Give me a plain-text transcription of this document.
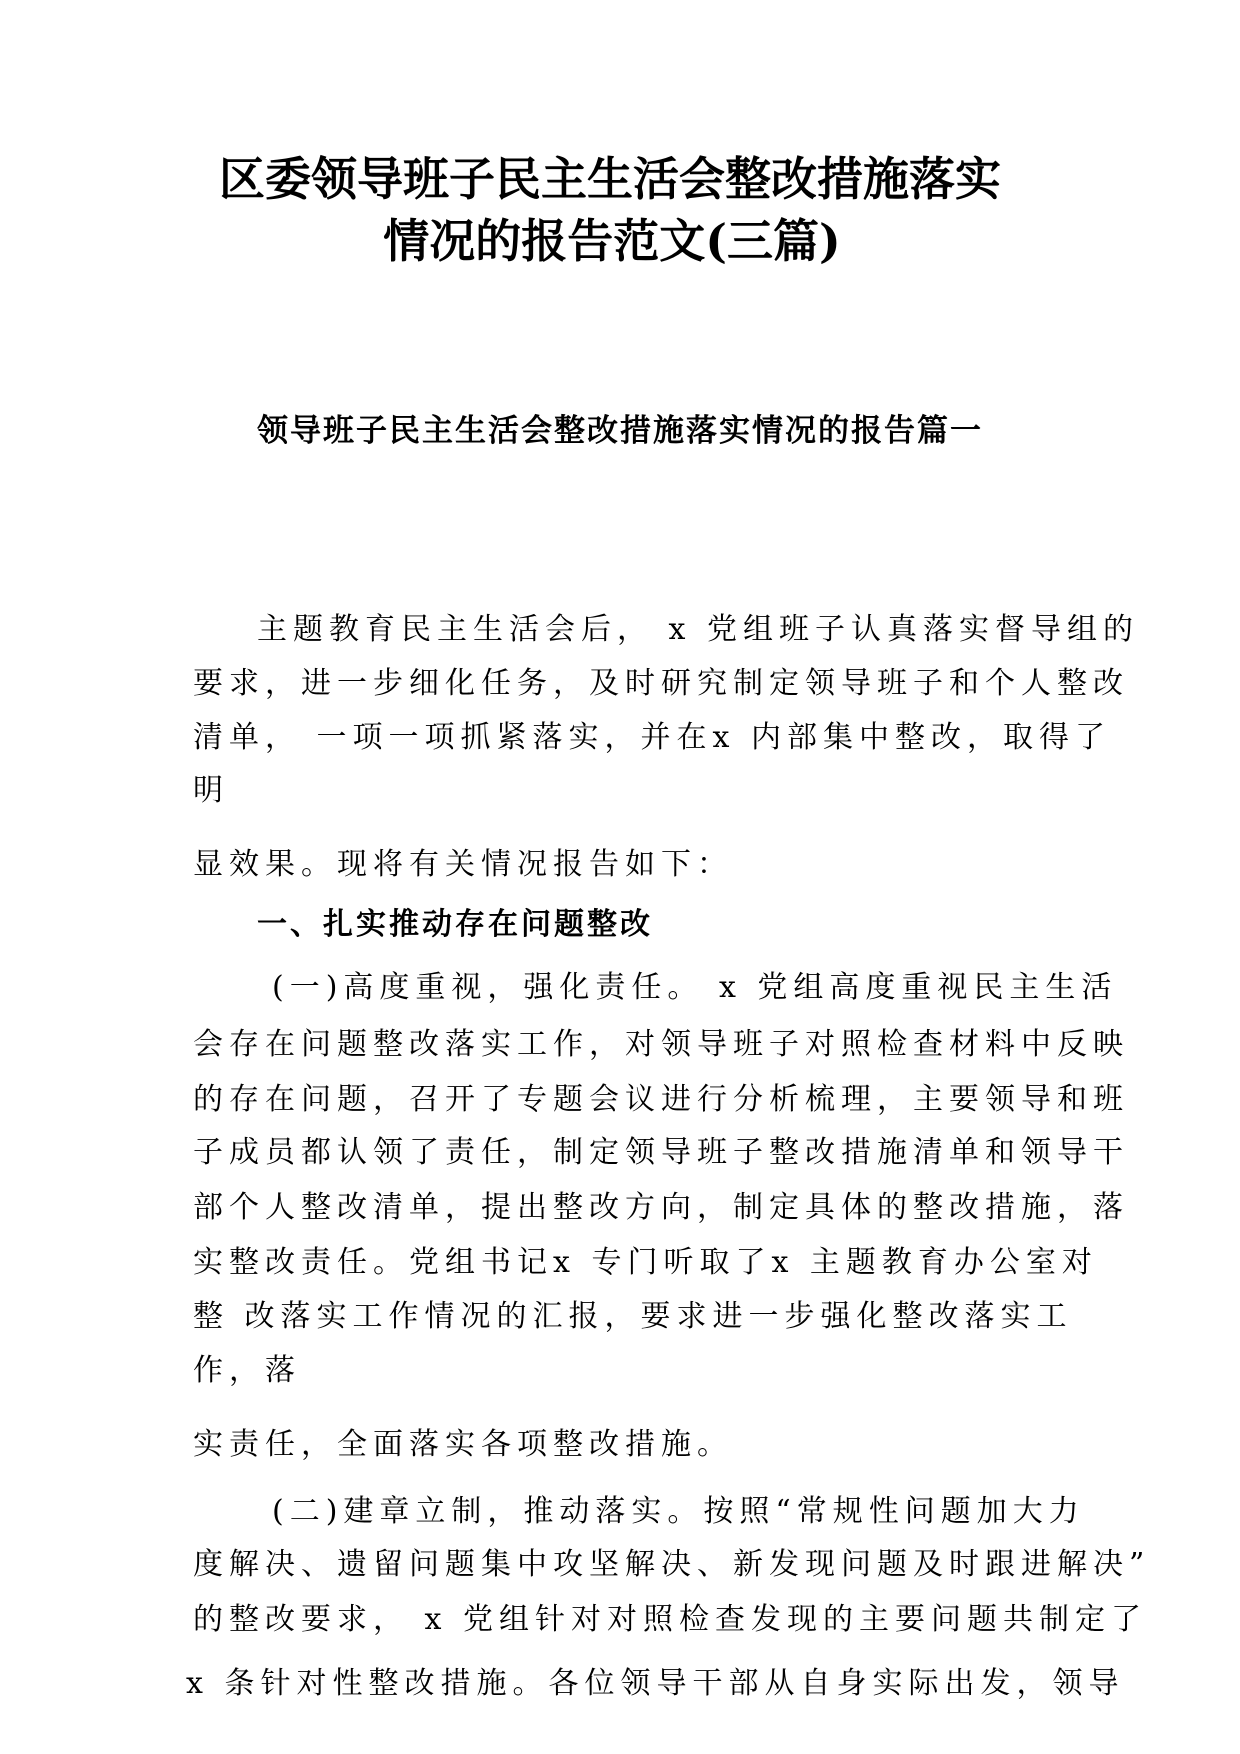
区委领导班子民主生活会整改措施落实
情况的报告范文(三篇)
领导班子民主生活会整改措施落实情况的报告篇一

主题教育民主生活会后， x 党组班子认真落实督导组的

要求，进一步细化任务，及时研究制定领导班子和个人整改

清单， 一项一项抓紧落实，并在x 内部集中整改，取得了

明

显效果。现将有关情况报告如下：

一、扎实推动存在问题整改

(一)高度重视，强化责任。 x 党组高度重视民主生活

会存在问题整改落实工作，对领导班子对照检查材料中反映

的存在问题，召开了专题会议进行分析梳理，主要领导和班

子成员都认领了责任，制定领导班子整改措施清单和领导干

部个人整改清单，提出整改方向，制定具体的整改措施，落

实整改责任。党组书记x 专门听取了x 主题教育办公室对

整 改落实工作情况的汇报，要求进一步强化整改落实工

作，落

实责任，全面落实各项整改措施。

(二)建章立制，推动落实。按照“常规性问题加大力

度解决、遗留问题集中攻坚解决、新发现问题及时跟进解决”

的整改要求， x 党组针对对照检查发现的主要问题共制定了

x 条针对性整改措施。各位领导干部从自身实际出发，领导
